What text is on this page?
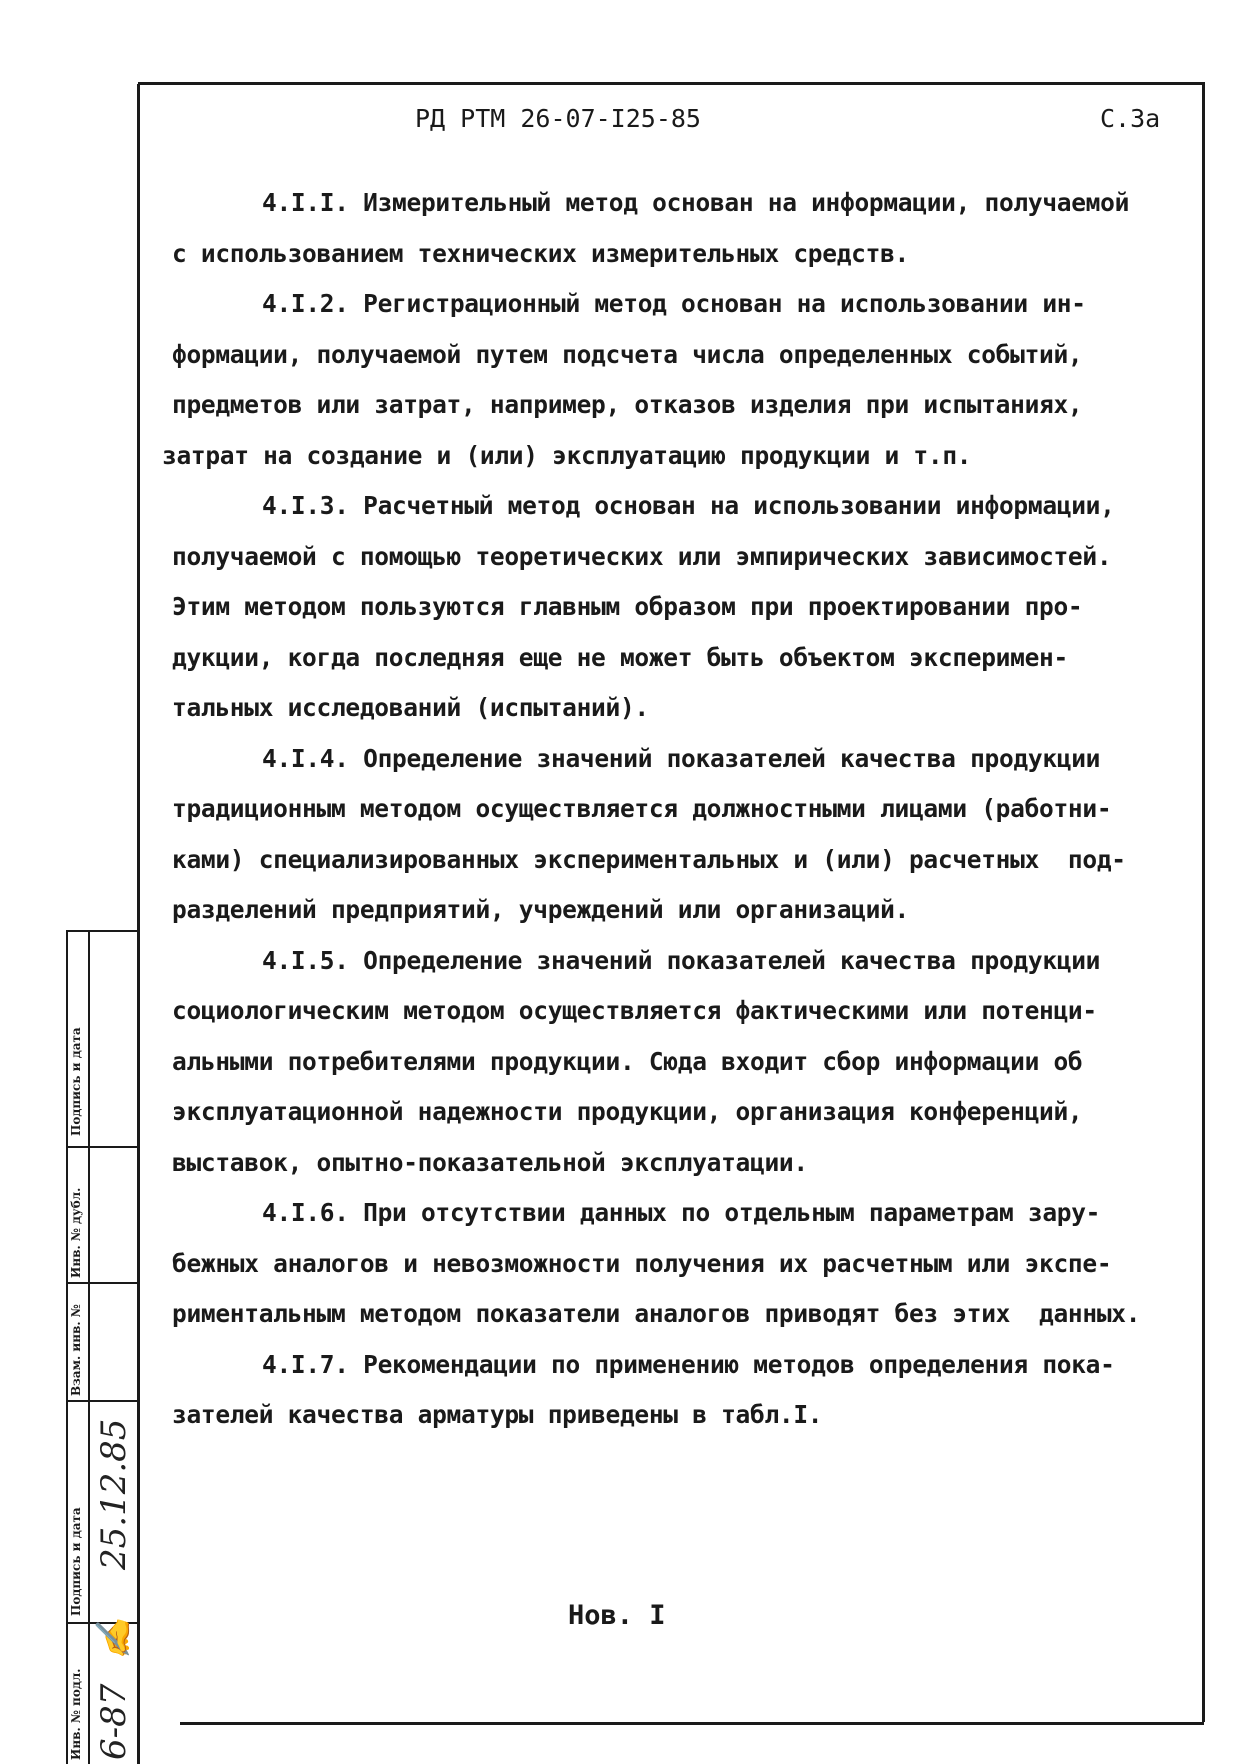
РД РТМ 26-07-I25-85	С.3а
4.I.I. Измерительный метод основан на информации, получаемой
с использованием технических измерительных средств.
4.I.2. Регистрационный метод основан на использовании ин-
формации, получаемой путем подсчета числа определенных событий,
предметов или затрат, например, отказов изделия при испытаниях,
затрат на создание и (или) эксплуатацию продукции и т.п.
4.I.3. Расчетный метод основан на использовании информации,
получаемой с помощью теоретических или эмпирических зависимостей.
Этим методом пользуются главным образом при проектировании про-
дукции, когда последняя еще не может быть объектом эксперимен-
тальных исследований (испытаний).
4.I.4. Определение значений показателей качества продукции
традиционным методом осуществляется должностными лицами (работни-
ками) специализированных экспериментальных и (или) расчетных  под-
разделений предприятий, учреждений или организаций.
4.I.5. Определение значений показателей качества продукции
социологическим методом осуществляется фактическими или потенци-
альными потребителями продукции. Сюда входит сбор информации об
эксплуатационной надежности продукции, организация конференций,
выставок, опытно-показательной эксплуатации.
4.I.6. При отсутствии данных по отдельным параметрам зару-
бежных аналогов и невозможности получения их расчетным или экспе-
риментальным методом показатели аналогов приводят без этих  данных.
4.I.7. Рекомендации по применению методов определения пока-
зателей качества арматуры приведены в табл.I.
Нов. I
Инв. № подл.
Подпись и дата
Взам. инв. №
Инв. № дубл.
Подпись и дата
6-87
✍
25.12.85
